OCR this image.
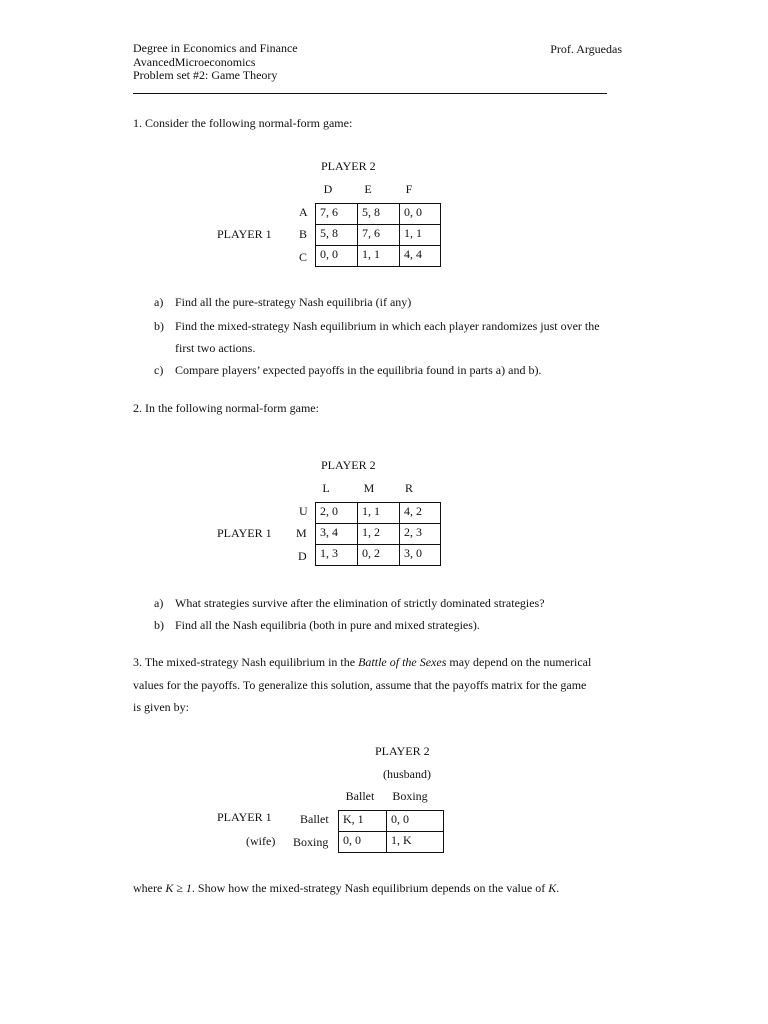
Degree in Economics and Finance
AvancedMicroeconomics
Problem set #2: Game Theory
Prof. Arguedas
1. Consider the following normal-form game:
PLAYER 2
D	E	F
PLAYER 1
A
B
C
7, 6	5, 8	0, 0
5, 8	7, 6	1, 1
0, 0	1, 1	4, 4
a) Find all the pure-strategy Nash equilibria (if any)
b) Find the mixed-strategy Nash equilibrium in which each player randomizes just over the
first two actions.
c) Compare players’ expected payoffs in the equilibria found in parts a) and b).
2. In the following normal-form game:
PLAYER 2
L	M	R
PLAYER 1
U
M
D
2, 0	1, 1	4, 2
3, 4	1, 2	2, 3
1, 3	0, 2	3, 0
a) What strategies survive after the elimination of strictly dominated strategies?
b) Find all the Nash equilibria (both in pure and mixed strategies).
3. The mixed-strategy Nash equilibrium in the Battle of the Sexes may depend on the numerical
values for the payoffs. To generalize this solution, assume that the payoffs matrix for the game
is given by:
PLAYER 2
(husband)
Ballet	Boxing
PLAYER 1
(wife)
Ballet
Boxing
K, 1	0, 0
0, 0	1, K
where K ≥ 1. Show how the mixed-strategy Nash equilibrium depends on the value of K.
